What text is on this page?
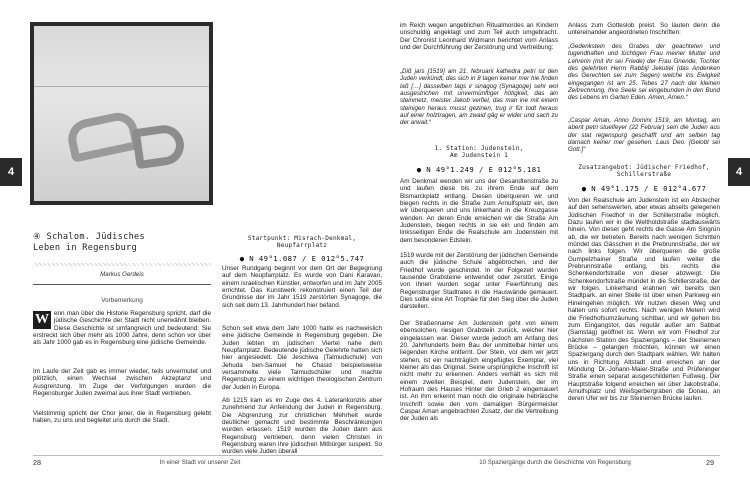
4
④ Schalom. Jüdisches
Leben in Regensburg
Markus Gerdeis
Vorbemerkung
W enn man über die Historie Regensburg spricht, darf die jüdische Geschichte der Stadt nicht unerwähnt bleiben. Diese Geschichte ist umfangreich und bedeutend: Sie erstreckt sich über mehr als 1000 Jahre, denn schon vor über als Jahr 1000 gab es in Regensburg eine jüdische Gemeinde.
Im Laufe der Zeit gab es immer wieder, teils unvermutet und plötzlich, einen Wechsel zwischen Akzeptanz und Ausgrenzung. Im Zuge der Verfolgungen wurden die Regensburger Juden zweimal aus ihrer Stadt vertrieben.
Vielstimmig spricht der Chor jener, die in Regensburg gelebt haben, zu uns und begleitet uns durch die Stadt.
Startpunkt: Misrach-Denkmal, Neupfarrplatz
● N 49°1.087 / E 012°5.747
Unser Rundgang beginnt vor dem Ort der Begegnung auf dem Neupfarrplatz. Es wurde von Dani Karavan, einem israelischen Künstler, entworfen und im Jahr 2005 errichtet. Das Kunstwerk rekonstruiert einen Teil der Grundrisse der im Jahr 1519 zerstörten Synagoge, die sich seit dem 13. Jahrhundert hier befand.
Schon seit etwa dem Jahr 1000 hatte es nachweislich eine jüdische Gemeinde in Regensburg gegeben. Die Juden lebten im jüdischen Viertel nahe dem Neupfarrplatz. Bedeutende jüdische Gelehrte hatten sich hier angesiedelt. Die Jeschiwa (Talmudschule) von Jehuda ben-Samuel he Chasid beispielsweise versammelte viele Talmudschüler und machte Regensburg zu einem wichtigen theologischen Zentrum der Juden in Europa.
Ab 1215 kam es im Zuge des 4. Laterankonzils aber zunehmend zur Anfeindung der Juden in Regensburg. Die Abgrenzung zur christlichen Mehrheit wurde deutlicher gemacht und bestimmte Beschränkungen wurden erlassen. 1519 wurden die Juden dann aus Regensburg vertrieben, denn vielen Christen in Regensburg waren ihre jüdischen Mitbürger suspekt. So wurden viele Juden überall
28	In einer Stadt vor unserer Zeit
im Reich wegen angeblichen Ritualmordes an Kindern unschuldig angeklagt und zum Teil auch umgebracht. Der Chronist Leonhard Widmann berichtet vom Anlass und der Durchführung der Zerstörung und Vertreibung:
„Diß jars [1519] am 21. februarii kathedra petri ist den Juden verkündt, das sich in 8 tagen keiner mer hie finden laß […] dasselben tags ir sinagog (Synagoge) sehr wol ausgestrichen mit unvermünftiger hötigkeit, das ain steinmetz, meister Jakob verfiel, das man ine mit einem steinigen heraus musst gezinen, trug ir für todt heraus auf einer holztragen, am zwaid gäg er wider und sach zu der arwait.“
1. Station: Judenstein,
Am Judenstein 1
● N 49°1.249 / E 012°5.181
Am Denkmal wenden wir uns der Gesandtenstraße zu und laufen diese bis zu ihrem Ende auf dem Bismarckplatz entlang. Diesen überqueren wir und biegen rechts in die Straße zum Arnulfsplatz ein, den wir überqueren und uns linkerhand in die Kreuzgasse wenden. An deren Ende erreichen wir die Straße Am Judenstein, biegen rechts in sie ein und finden am linksseitigen Ende die Realschule am Judenstein mit dem besonderen Edstein.
1519 wurde mit der Zerstörung der jüdischen Gemeinde auch die jüdische Schule abgebrochen, und der Friedhof wurde geschindet. In der Folgezeit wurden tausende Grabsteine entwendet oder zerstört. Einige von ihnen wurden sogar unter Feierführung des Regensburger Stadtrates in die Hauswände gemauert. Dies sollte eine Art Trophäe für den Sieg über die Juden darstellen.
Der Straßenname Am Judenstein geht von einem ebensolchen, riesigen Grabstein zurück, welcher hier eingelassen war. Dieser wurde jedoch am Anfang des 20. Jahrhunderts beim Bau der unmittelbar hinter uns liegenden Kirche entfernt. Der Stein, vor dem wir jetzt stehen, ist ein nachträglich eingefügtes Exemplar, viel kleiner als das Original. Seine ursprüngliche Inschrift ist nicht mehr zu erkennen. Anders verhält es sich mit einem zweiten Beispiel, dem Judenstein, der im Hofraum des Hauses Hinter der Grieb 2 eingemauert ist. An ihm erkennt man noch die originale hebräische Inschrift sowie den vom damaligen Bürgermeister Caspar Aman angebrachten Zusatz, der die Vertreibung der Juden als
Anlass zum Gotteslob preist. So lauten denn die untereinander angeordneten Inschriften:
„Gedenkstein des Grabes der geachteten und tugendhaften und tüchtigen Frau meiner Mutter und Lehrerin (mit ihr sei Friede) der Frau Gnende, Tochter des gelehrten Herrn Rabbiji Jekutiel (das Andenken des Gerechten sei zum Segen) welche ins Ewigkeit eingegangen ist am 25. Tebes 27 nach der kleinen Zeitrechnung. Ihre Seele sei eingebunden in den Bund des Lebens im Garten Eden. Amen, Amen.“
„Caspar Aman, Anno Domini 1519, am Montag, am abent petri stuelfeyer (22 Februar) sein die Juden aus der stat regenspurg geschafft und am selben tag darnach keiner mer gesehen. Laus Deo. [Gelobt sei Gott.]“
Zusatzangebot: Jüdischer Friedhof,
Schillerstraße
● N 49°1.175 / E 012°4.677
Von der Realschule am Judenstein ist ein Abstecher auf den sehenswerten, aber etwas abseits gelegenen Jüdischen Friedhof in der Schillerstraße möglich. Dazu laufen wir in die Weltholdstraße stadtauswärts hinein. Von dieser geht rechts die Gasse Am Singrün ab, die wir betreten. Bereits nach wenigen Schritten mündet das Gässchen in die Prebrunnstraße, der wir nach links folgen. Wir überqueren die große Gumpelzhainer Straße und laufen weiter die Prebrunnstraße entlang, bis rechts die Schenkendorfstraße von dieser abzweigt. Die Schenkendorfstraße mündet in die Schillerstraße, der wir folgen. Linkerhand erahnen wir bereits den Stadtpark, an einer Stelle ist über einen Parkweg ein Hineingehen möglich. Wir nutzen diesen Weg und halten uns sofort rechts. Nach wenigen Metern wird die Friedhofsumzäunung sichtbar, und wir gehen bis zum Eingangstor, das regulär außer am Sabbat (Samstag) geöffnet ist. Wenn wir vom Friedhof zur nächsten Station des Spaziergangs – der Steinernen Brücke – gelangen möchten, können wir einen Spaziergang durch den Stadtpark wählen. Wir halten uns in Richtung Altstadt und erreichen an der Mündung Dr.-Johann-Maier-Straße und Prüfeninger Straße einen separat ausgeschilderten Fußweg. Der Hauptstraße folgend erreichen wir über Jakobstraße, Arnulfsplatz und Weißgerbergraben die Donau, an deren Ufer wir bis zur Steinernen Brücke laufen.
4
10 Spaziergänge durch die Geschichte von Regensburg	29
